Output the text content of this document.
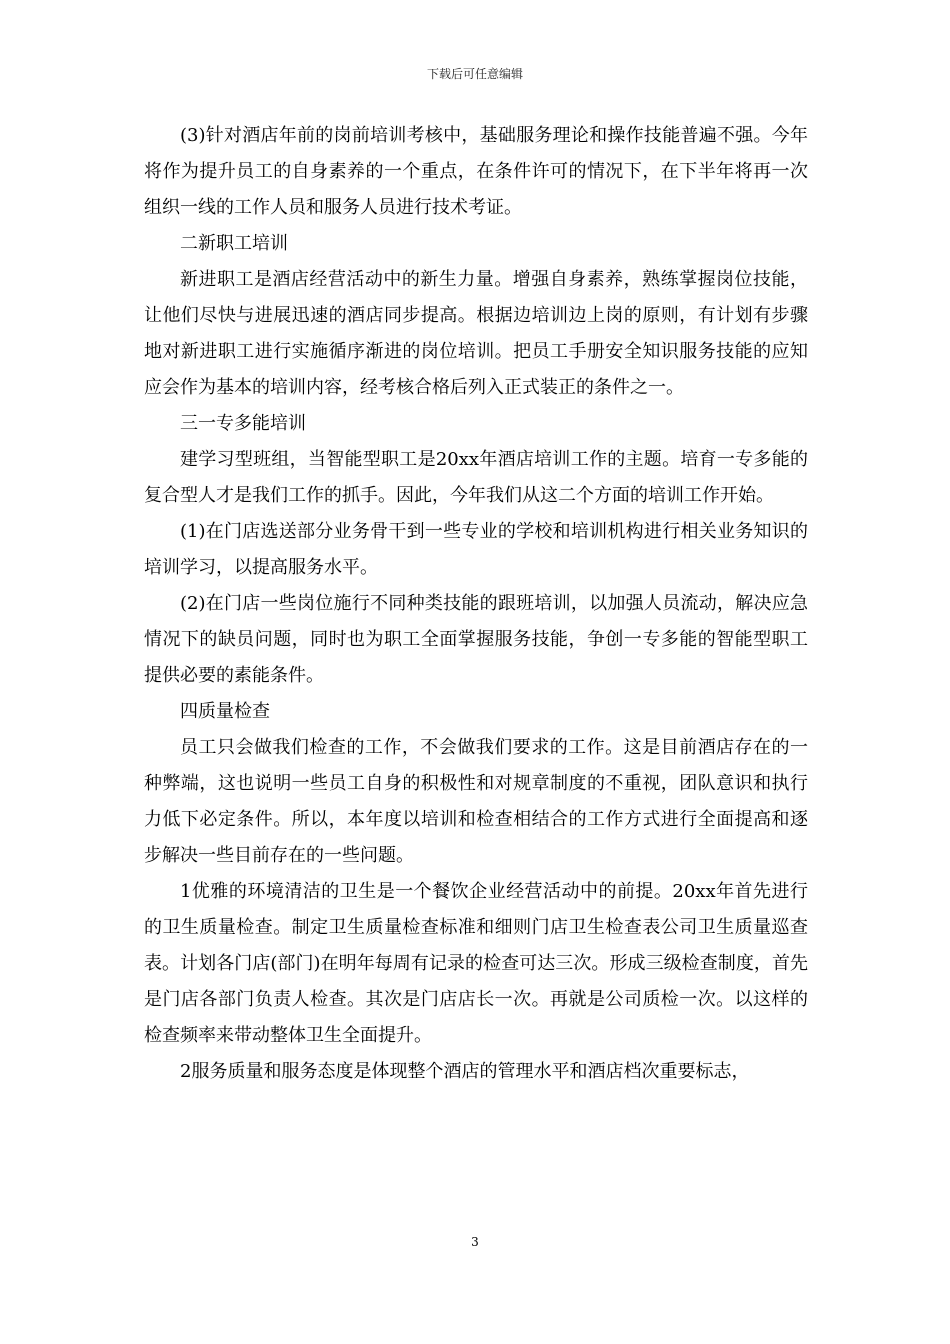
下载后可任意编辑

(3)针对酒店年前的岗前培训考核中，基础服务理论和操作技能普遍不强。今年将作为提升员工的自身素养的一个重点，在条件许可的情况下，在下半年将再一次组织一线的工作人员和服务人员进行技术考证。

二新职工培训

新进职工是酒店经营活动中的新生力量。增强自身素养，熟练掌握岗位技能，让他们尽快与进展迅速的酒店同步提高。根据边培训边上岗的原则，有计划有步骤地对新进职工进行实施循序渐进的岗位培训。把员工手册安全知识服务技能的应知应会作为基本的培训内容，经考核合格后列入正式装正的条件之一。

三一专多能培训

建学习型班组，当智能型职工是20xx年酒店培训工作的主题。培育一专多能的复合型人才是我们工作的抓手。因此，今年我们从这二个方面的培训工作开始。

(1)在门店选送部分业务骨干到一些专业的学校和培训机构进行相关业务知识的培训学习，以提高服务水平。

(2)在门店一些岗位施行不同种类技能的跟班培训，以加强人员流动，解决应急情况下的缺员问题，同时也为职工全面掌握服务技能，争创一专多能的智能型职工提供必要的素能条件。

四质量检查

员工只会做我们检查的工作，不会做我们要求的工作。这是目前酒店存在的一种弊端，这也说明一些员工自身的积极性和对规章制度的不重视，团队意识和执行力低下必定条件。所以，本年度以培训和检查相结合的工作方式进行全面提高和逐步解决一些目前存在的一些问题。

1优雅的环境清洁的卫生是一个餐饮企业经营活动中的前提。20xx年首先进行的卫生质量检查。制定卫生质量检查标准和细则门店卫生检查表公司卫生质量巡查表。计划各门店(部门)在明年每周有记录的检查可达三次。形成三级检查制度，首先是门店各部门负责人检查。其次是门店店长一次。再就是公司质检一次。以这样的检查频率来带动整体卫生全面提升。

2服务质量和服务态度是体现整个酒店的管理水平和酒店档次重要标志，

3
